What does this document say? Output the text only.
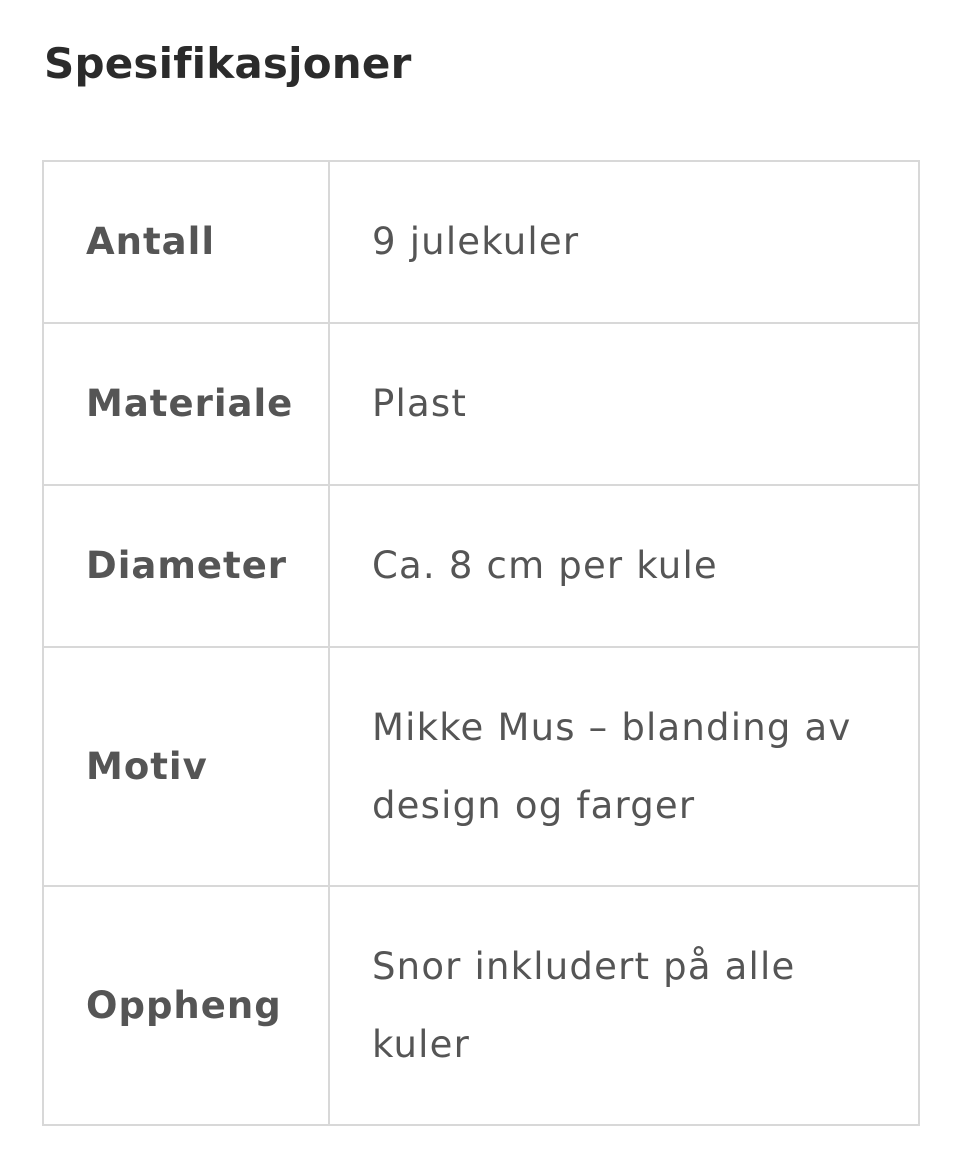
Spesifikasjoner
Antall	9 julekuler
Materiale	Plast
Diameter	Ca. 8 cm per kule
Motiv	Mikke Mus – blanding av design og farger
Oppheng	Snor inkludert på alle kuler
